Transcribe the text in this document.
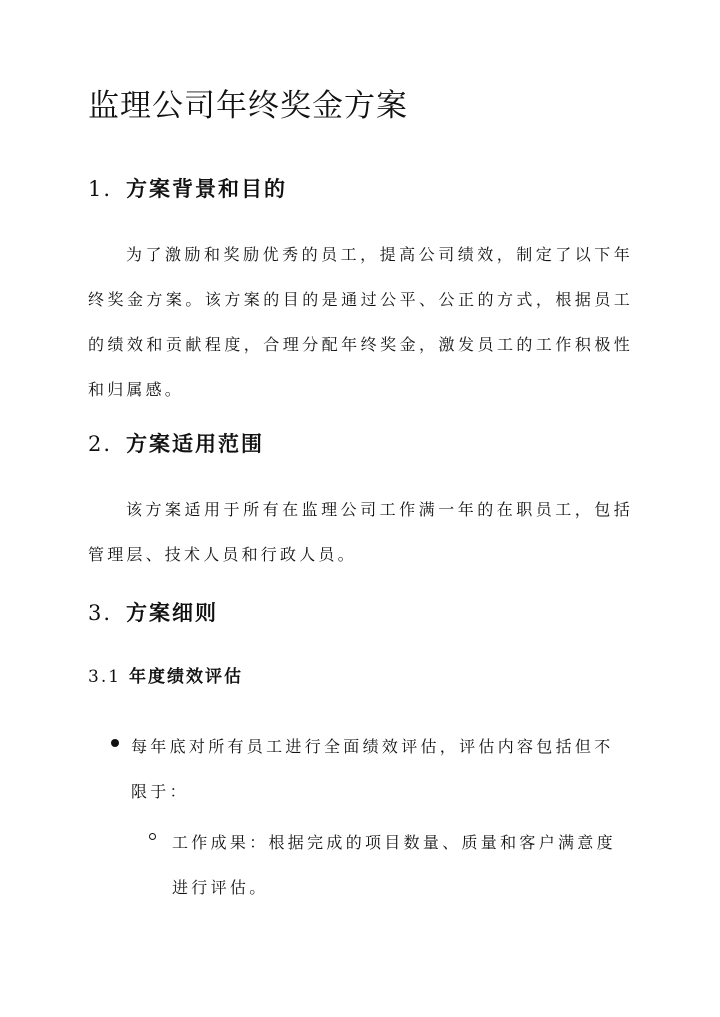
监理公司年终奖金方案
1. 方案背景和目的

为了激励和奖励优秀的员工，提高公司绩效，制定了以下年终奖金方案。该方案的目的是通过公平、公正的方式，根据员工的绩效和贡献程度，合理分配年终奖金，激发员工的工作积极性和归属感。

2. 方案适用范围

该方案适用于所有在监理公司工作满一年的在职员工，包括管理层、技术人员和行政人员。

3. 方案细则
3.1 年度绩效评估

每年底对所有员工进行全面绩效评估，评估内容包括但不限于：

工作成果：根据完成的项目数量、质量和客户满意度进行评估。
